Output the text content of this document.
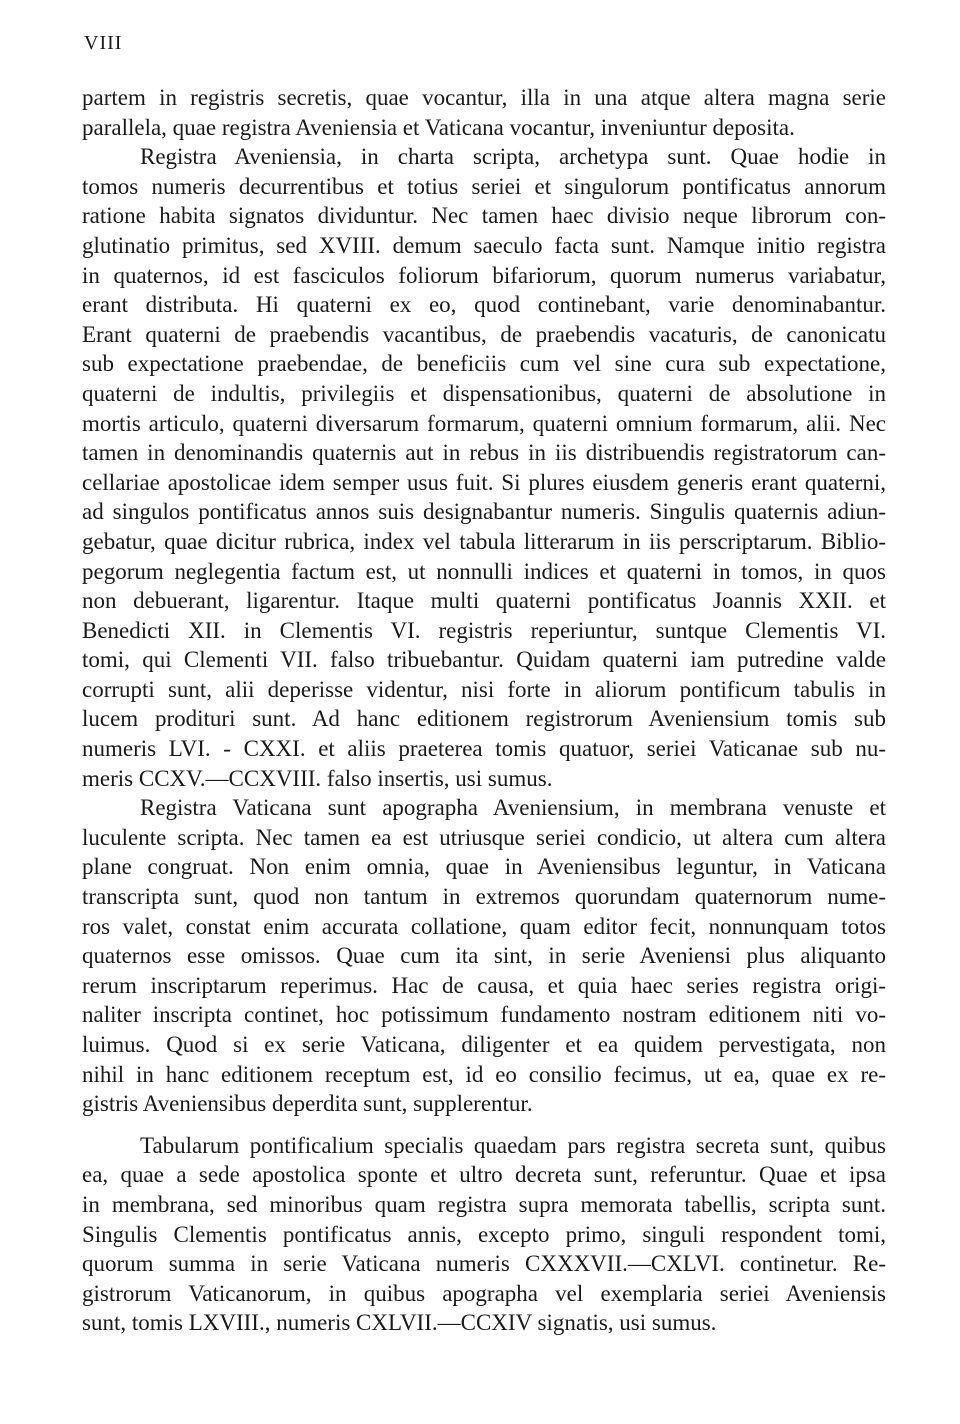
VIII
partem in registris secretis, quae vocantur, illa in una atque altera magna serie
parallela, quae registra Aveniensia et Vaticana vocantur, inveniuntur deposita.
Registra Aveniensia, in charta scripta, archetypa sunt. Quae hodie in
tomos numeris decurrentibus et totius seriei et singulorum pontificatus annorum
ratione habita signatos dividuntur. Nec tamen haec divisio neque librorum con-
glutinatio primitus, sed XVIII. demum saeculo facta sunt. Namque initio registra
in quaternos, id est fasciculos foliorum bifariorum, quorum numerus variabatur,
erant distributa. Hi quaterni ex eo, quod continebant, varie denominabantur.
Erant quaterni de praebendis vacantibus, de praebendis vacaturis, de canonicatu
sub expectatione praebendae, de beneficiis cum vel sine cura sub expectatione,
quaterni de indultis, privilegiis et dispensationibus, quaterni de absolutione in
mortis articulo, quaterni diversarum formarum, quaterni omnium formarum, alii. Nec
tamen in denominandis quaternis aut in rebus in iis distribuendis registratorum can-
cellariae apostolicae idem semper usus fuit. Si plures eiusdem generis erant quaterni,
ad singulos pontificatus annos suis designabantur numeris. Singulis quaternis adiun-
gebatur, quae dicitur rubrica, index vel tabula litterarum in iis perscriptarum. Biblio-
pegorum neglegentia factum est, ut nonnulli indices et quaterni in tomos, in quos
non debuerant, ligarentur. Itaque multi quaterni pontificatus Joannis XXII. et
Benedicti XII. in Clementis VI. registris reperiuntur, suntque Clementis VI.
tomi, qui Clementi VII. falso tribuebantur. Quidam quaterni iam putredine valde
corrupti sunt, alii deperisse videntur, nisi forte in aliorum pontificum tabulis in
lucem prodituri sunt. Ad hanc editionem registrorum Aveniensium tomis sub
numeris LVI. - CXXI. et aliis praeterea tomis quatuor, seriei Vaticanae sub nu-
meris CCXV.—CCXVIII. falso insertis, usi sumus.
Registra Vaticana sunt apographa Aveniensium, in membrana venuste et
luculente scripta. Nec tamen ea est utriusque seriei condicio, ut altera cum altera
plane congruat. Non enim omnia, quae in Aveniensibus leguntur, in Vaticana
transcripta sunt, quod non tantum in extremos quorundam quaternorum nume-
ros valet, constat enim accurata collatione, quam editor fecit, nonnunquam totos
quaternos esse omissos. Quae cum ita sint, in serie Aveniensi plus aliquanto
rerum inscriptarum reperimus. Hac de causa, et quia haec series registra origi-
naliter inscripta continet, hoc potissimum fundamento nostram editionem niti vo-
luimus. Quod si ex serie Vaticana, diligenter et ea quidem pervestigata, non
nihil in hanc editionem receptum est, id eo consilio fecimus, ut ea, quae ex re-
gistris Aveniensibus deperdita sunt, supplerentur.
Tabularum pontificalium specialis quaedam pars registra secreta sunt, quibus
ea, quae a sede apostolica sponte et ultro decreta sunt, referuntur. Quae et ipsa
in membrana, sed minoribus quam registra supra memorata tabellis, scripta sunt.
Singulis Clementis pontificatus annis, excepto primo, singuli respondent tomi,
quorum summa in serie Vaticana numeris CXXXVII.—CXLVI. continetur. Re-
gistrorum Vaticanorum, in quibus apographa vel exemplaria seriei Aveniensis
sunt, tomis LXVIII., numeris CXLVII.—CCXIV signatis, usi sumus.
